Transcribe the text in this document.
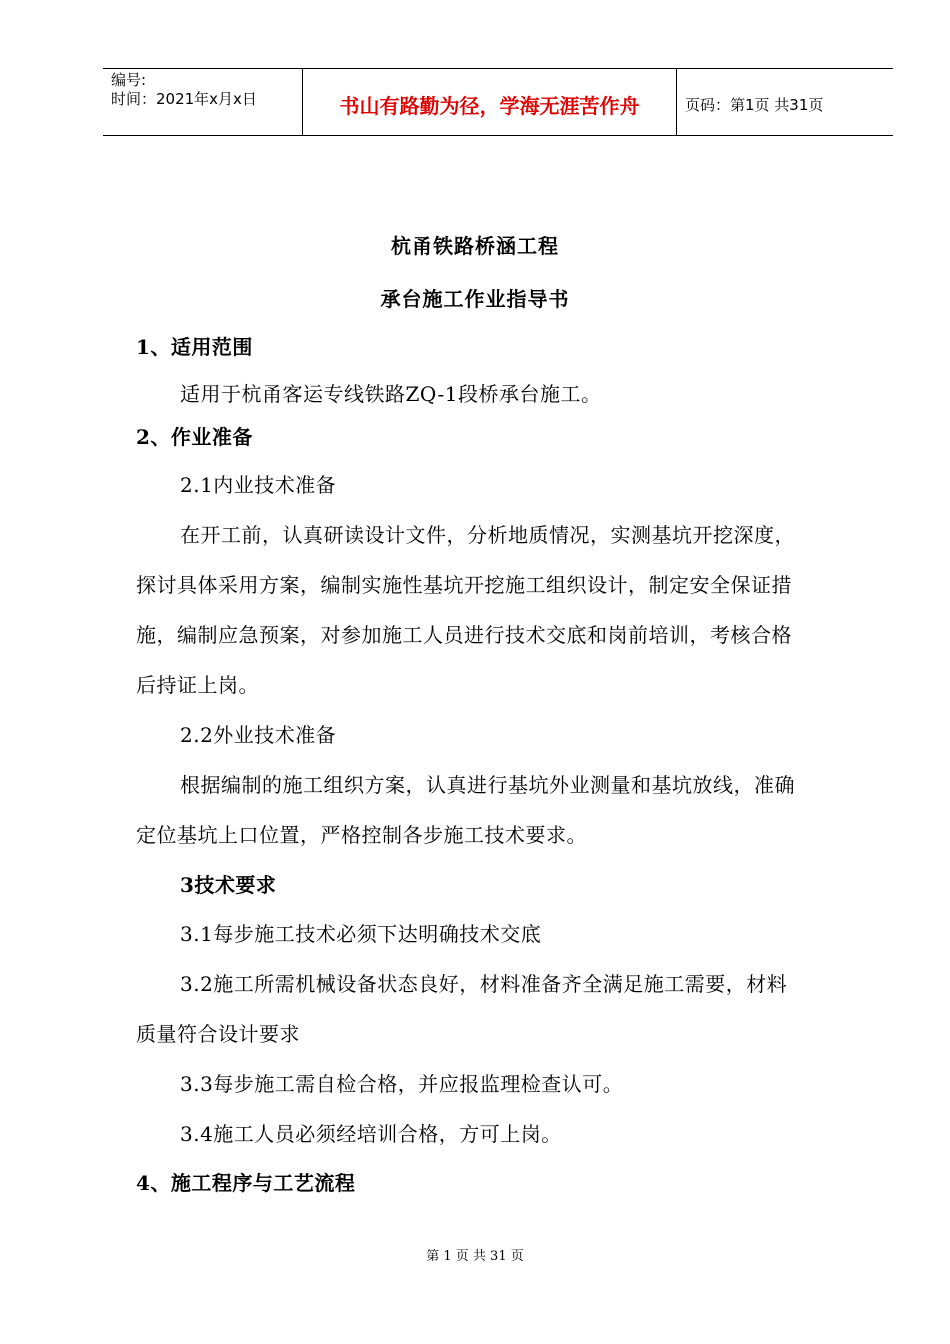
编号:
时间：2021年x月x日	书山有路勤为径，学海无涯苦作舟	页码：第1页 共31页
杭甬铁路桥涵工程
承台施工作业指导书
1、适用范围
适用于杭甬客运专线铁路ZQ-1段桥承台施工。
2、作业准备
2.1内业技术准备
在开工前，认真研读设计文件，分析地质情况，实测基坑开挖深度，
探讨具体采用方案，编制实施性基坑开挖施工组织设计，制定安全保证措
施，编制应急预案，对参加施工人员进行技术交底和岗前培训，考核合格
后持证上岗。
2.2外业技术准备
根据编制的施工组织方案，认真进行基坑外业测量和基坑放线，准确
定位基坑上口位置，严格控制各步施工技术要求。
3技术要求
3.1每步施工技术必须下达明确技术交底
3.2施工所需机械设备状态良好，材料准备齐全满足施工需要，材料
质量符合设计要求
3.3每步施工需自检合格，并应报监理检查认可。
3.4施工人员必须经培训合格，方可上岗。
4、施工程序与工艺流程
第 1 页 共 31 页
